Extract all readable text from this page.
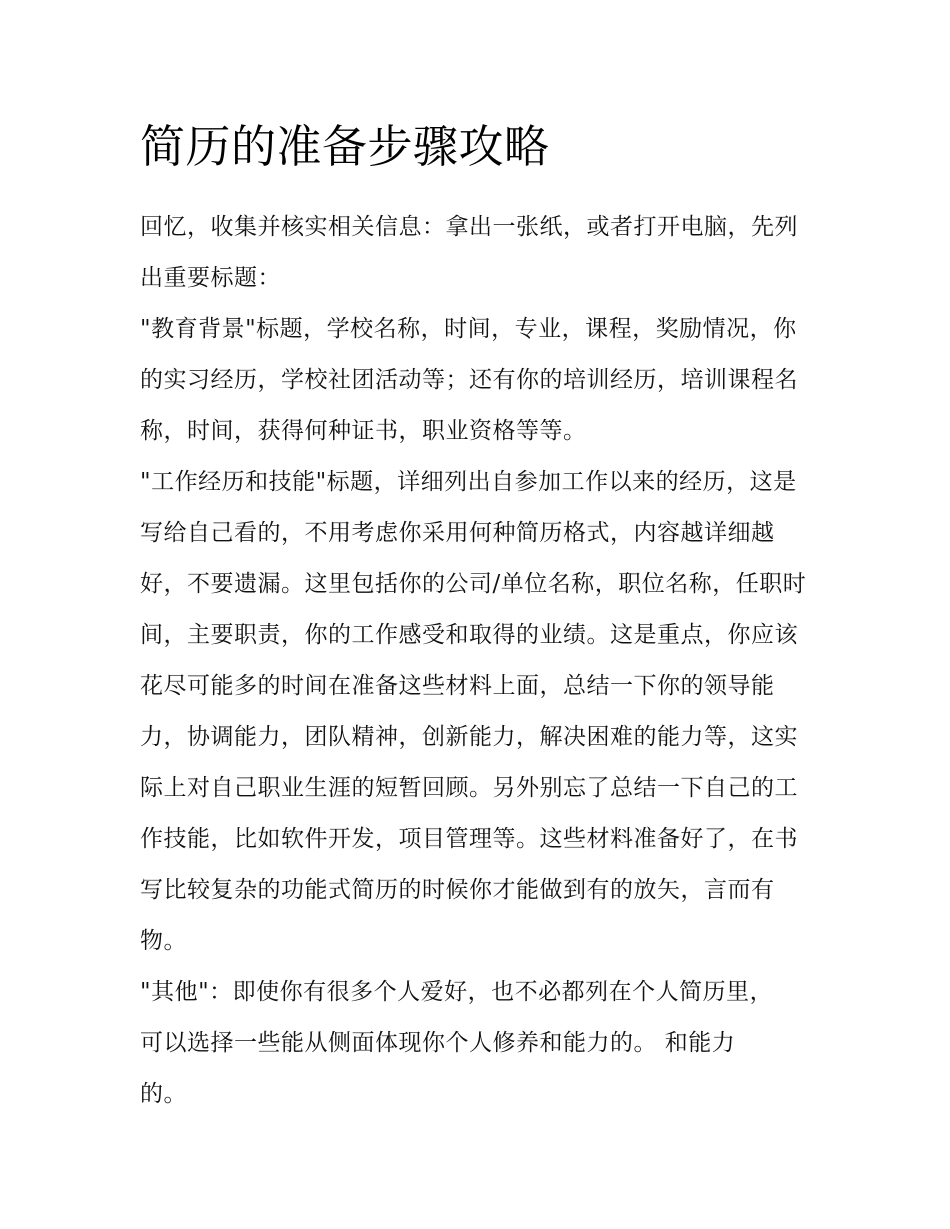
简历的准备步骤攻略

回忆，收集并核实相关信息：拿出一张纸，或者打开电脑，先列出重要标题：

"教育背景"标题，学校名称，时间，专业，课程，奖励情况，你的实习经历，学校社团活动等；还有你的培训经历，培训课程名称，时间，获得何种证书，职业资格等等。

"工作经历和技能"标题，详细列出自参加工作以来的经历，这是写给自己看的，不用考虑你采用何种简历格式，内容越详细越好，不要遗漏。这里包括你的公司/单位名称，职位名称，任职时间，主要职责，你的工作感受和取得的业绩。这是重点，你应该花尽可能多的时间在准备这些材料上面，总结一下你的领导能力，协调能力，团队精神，创新能力，解决困难的能力等，这实际上对自己职业生涯的短暂回顾。另外别忘了总结一下自己的工作技能，比如软件开发，项目管理等。这些材料准备好了，在书写比较复杂的功能式简历的时候你才能做到有的放矢，言而有物。

"其他"：即使你有很多个人爱好，也不必都列在个人简历里，可以选择一些能从侧面体现你个人修养和能力的。 和能力的。
